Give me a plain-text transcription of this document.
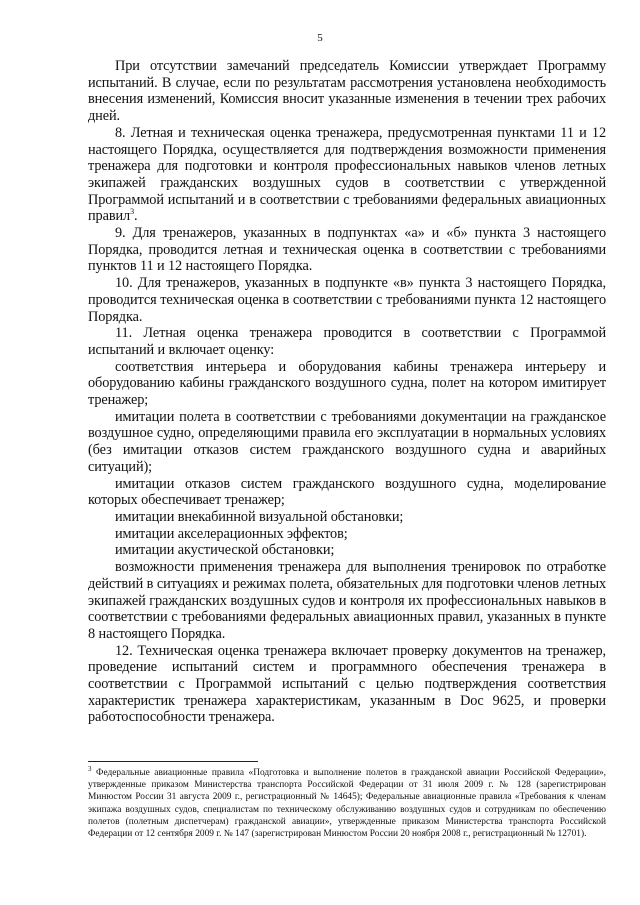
5

При отсутствии замечаний председатель Комиссии утверждает Программу испытаний. В случае, если по результатам рассмотрения установлена необходимость внесения изменений, Комиссия вносит указанные изменения в течении трех рабочих дней.

8. Летная и техническая оценка тренажера, предусмотренная пунктами 11 и 12 настоящего Порядка, осуществляется для подтверждения возможности применения тренажера для подготовки и контроля профессиональных навыков членов летных экипажей гражданских воздушных судов в соответствии с утвержденной Программой испытаний и в соответствии с требованиями федеральных авиационных правил$^3$.

9. Для тренажеров, указанных в подпунктах «а» и «б» пункта 3 настоящего Порядка, проводится летная и техническая оценка в соответствии с требованиями пунктов 11 и 12 настоящего Порядка.

10. Для тренажеров, указанных в подпункте «в» пункта 3 настоящего Порядка, проводится техническая оценка в соответствии с требованиями пункта 12 настоящего Порядка.

11. Летная оценка тренажера проводится в соответствии с Программой испытаний и включает оценку:

соответствия интерьера и оборудования кабины тренажера интерьеру и оборудованию кабины гражданского воздушного судна, полет на котором имитирует тренажер;

имитации полета в соответствии с требованиями документации на гражданское воздушное судно, определяющими правила его эксплуатации в нормальных условиях (без имитации отказов систем гражданского воздушного судна и аварийных ситуаций);

имитации отказов систем гражданского воздушного судна, моделирование которых обеспечивает тренажер;

имитации внекабинной визуальной обстановки;

имитации акселерационных эффектов;

имитации акустической обстановки;

возможности применения тренажера для выполнения тренировок по отработке действий в ситуациях и режимах полета, обязательных для подготовки членов летных экипажей гражданских воздушных судов и контроля их профессиональных навыков в соответствии с требованиями федеральных авиационных правил, указанных в пункте 8 настоящего Порядка.

12. Техническая оценка тренажера включает проверку документов на тренажер, проведение испытаний систем и программного обеспечения тренажера в соответствии с Программой испытаний с целью подтверждения соответствия характеристик тренажера характеристикам, указанным в Doc 9625, и проверки работоспособности тренажера.

$^3$ Федеральные авиационные правила «Подготовка и выполнение полетов в гражданской авиации Российской Федерации», утвержденные приказом Министерства транспорта Российской Федерации от 31 июля 2009 г. № 128 (зарегистрирован Минюстом России 31 августа 2009 г., регистрационный № 14645); Федеральные авиационные правила «Требования к членам экипажа воздушных судов, специалистам по техническому обслуживанию воздушных судов и сотрудникам по обеспечению полетов (полетным диспетчерам) гражданской авиации», утвержденные приказом Министерства транспорта Российской Федерации от 12 сентября 2009 г. № 147 (зарегистрирован Минюстом России 20 ноября 2008 г., регистрационный № 12701).
